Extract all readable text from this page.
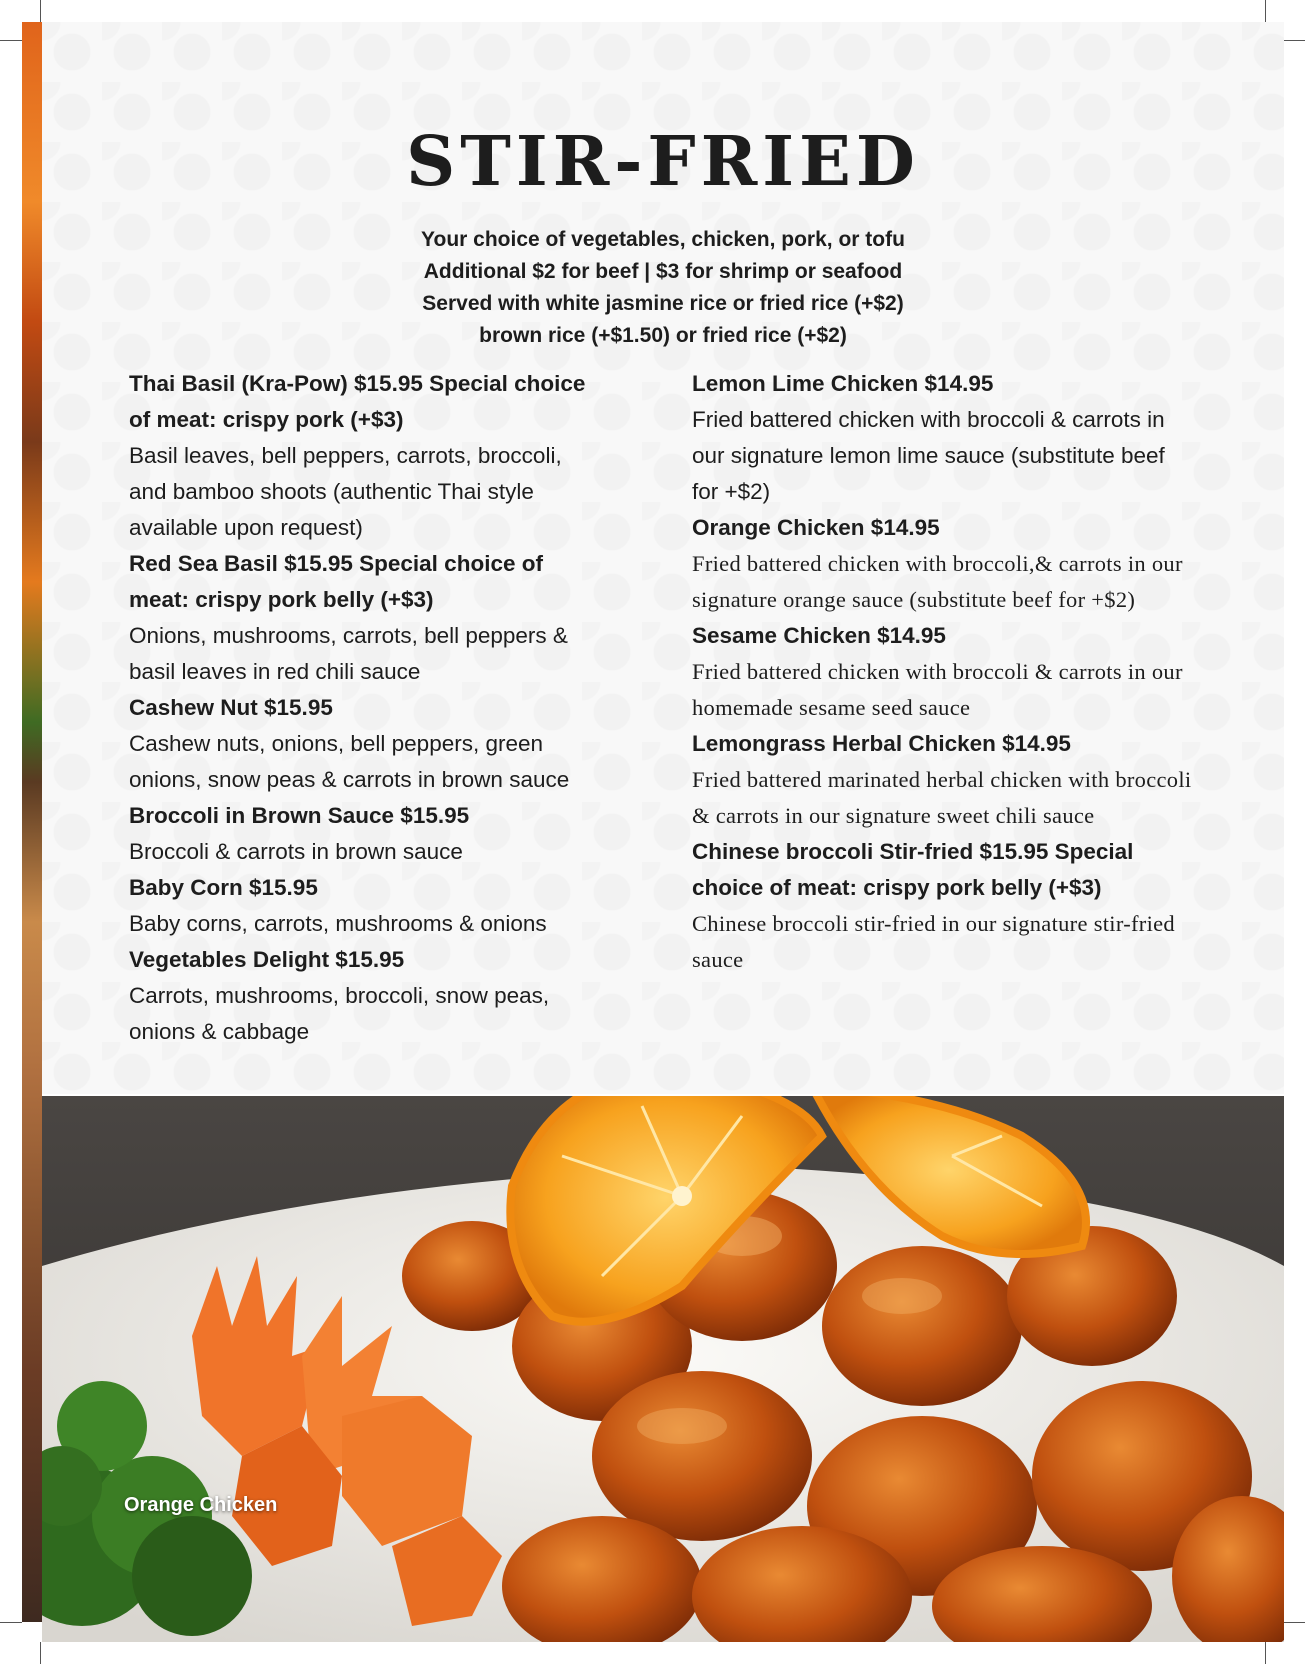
STIR-FRIED
Your choice of vegetables, chicken, pork, or tofu
Additional $2 for beef | $3 for shrimp or seafood
Served with white jasmine rice or fried rice (+$2)
brown rice (+$1.50) or fried rice (+$2)
Thai Basil (Kra-Pow) $15.95 Special choice of meat: crispy pork (+$3)
Basil leaves, bell peppers, carrots, broccoli, and bamboo shoots (authentic Thai style available upon request)
Red Sea Basil $15.95 Special choice of meat: crispy pork belly (+$3)
Onions, mushrooms, carrots, bell peppers & basil leaves in red chili sauce
Cashew Nut $15.95
Cashew nuts, onions, bell peppers, green onions, snow peas & carrots in brown sauce
Broccoli in Brown Sauce $15.95
Broccoli & carrots in brown sauce
Baby Corn $15.95
Baby corns, carrots, mushrooms & onions
Vegetables Delight $15.95
Carrots, mushrooms, broccoli, snow peas, onions & cabbage
Lemon Lime Chicken $14.95
Fried battered chicken with broccoli & carrots in our signature lemon lime sauce (substitute beef for +$2)
Orange Chicken $14.95
Fried battered chicken with broccoli,& carrots in our signature orange sauce (substitute beef for +$2)
Sesame Chicken $14.95
Fried battered chicken with broccoli & carrots in our homemade sesame seed sauce
Lemongrass Herbal Chicken $14.95
Fried battered marinated herbal chicken with broccoli & carrots in our signature sweet chili sauce
Chinese broccoli Stir-fried $15.95 Special choice of meat: crispy pork belly (+$3)
Chinese broccoli stir-fried in our signature stir-fried sauce
Orange Chicken
